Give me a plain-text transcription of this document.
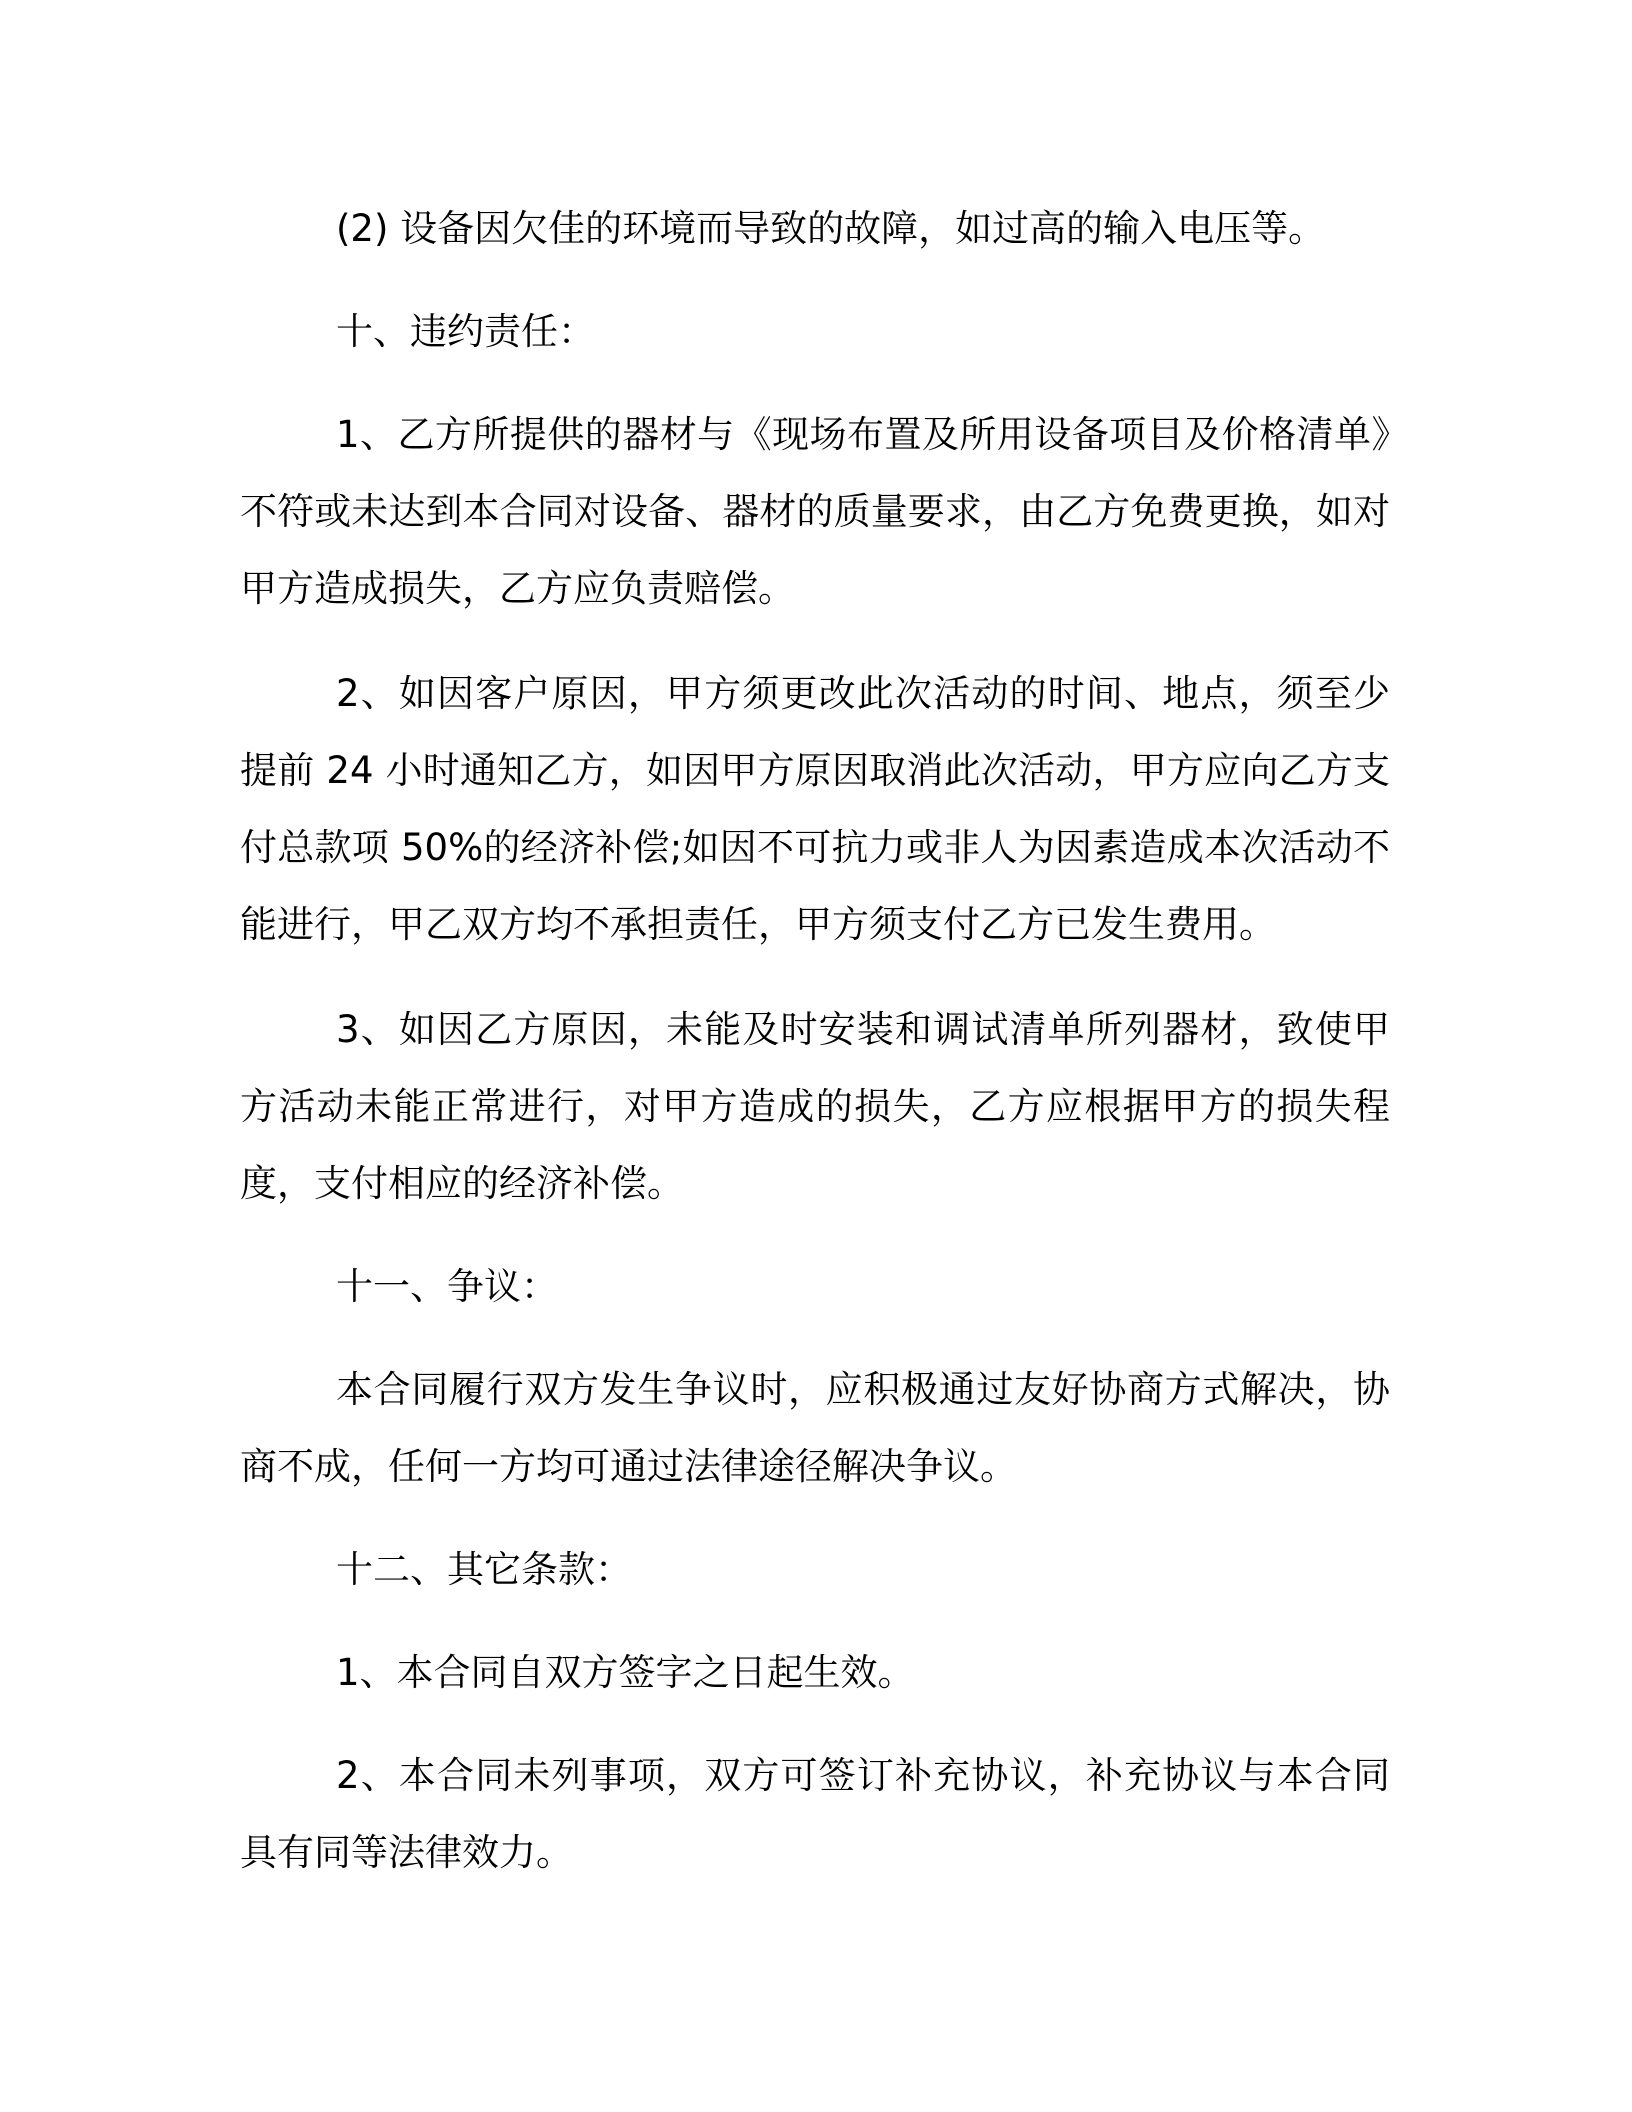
(2) 设备因欠佳的环境而导致的故障，如过高的输入电压等。

十、违约责任：

1、乙方所提供的器材与《现场布置及所用设备项目及价格清单》不符或未达到本合同对设备、器材的质量要求，由乙方免费更换，如对甲方造成损失，乙方应负责赔偿。

2、如因客户原因，甲方须更改此次活动的时间、地点，须至少提前 24 小时通知乙方，如因甲方原因取消此次活动，甲方应向乙方支付总款项 50%的经济补偿;如因不可抗力或非人为因素造成本次活动不能进行，甲乙双方均不承担责任，甲方须支付乙方已发生费用。

3、如因乙方原因，未能及时安装和调试清单所列器材，致使甲方活动未能正常进行，对甲方造成的损失，乙方应根据甲方的损失程度，支付相应的经济补偿。

十一、争议：

本合同履行双方发生争议时，应积极通过友好协商方式解决，协商不成，任何一方均可通过法律途径解决争议。

十二、其它条款：

1、本合同自双方签字之日起生效。

2、本合同未列事项，双方可签订补充协议，补充协议与本合同具有同等法律效力。
